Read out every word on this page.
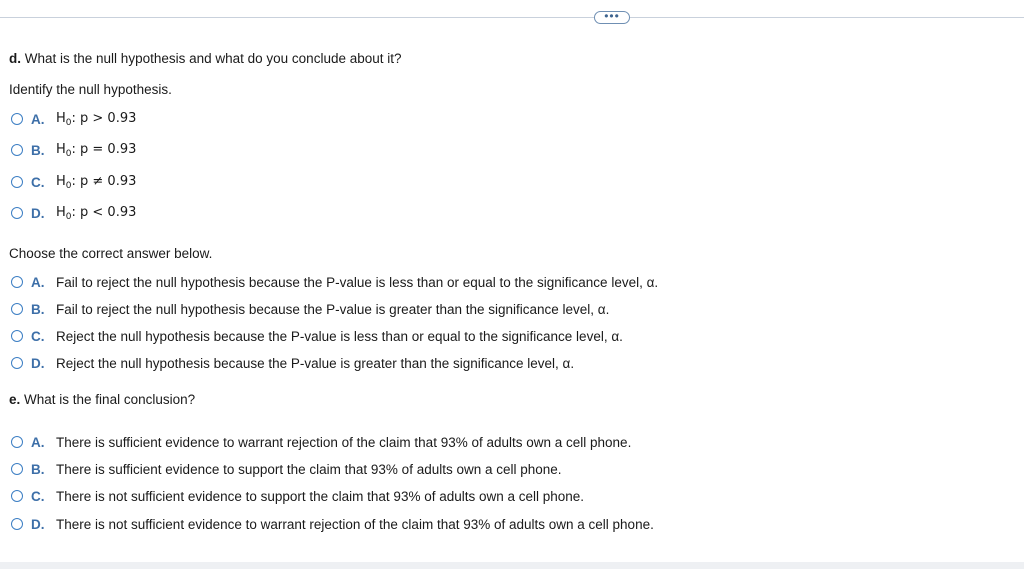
•••
d. What is the null hypothesis and what do you conclude about it?
Identify the null hypothesis.
A. $H_0$: p > 0.93
B. $H_0$: p = 0.93
C. $H_0$: p ≠ 0.93
D. $H_0$: p < 0.93
Choose the correct answer below.
A. Fail to reject the null hypothesis because the P-value is less than or equal to the significance level, α.
B. Fail to reject the null hypothesis because the P-value is greater than the significance level, α.
C. Reject the null hypothesis because the P-value is less than or equal to the significance level, α.
D. Reject the null hypothesis because the P-value is greater than the significance level, α.
e. What is the final conclusion?
A. There is sufficient evidence to warrant rejection of the claim that 93% of adults own a cell phone.
B. There is sufficient evidence to support the claim that 93% of adults own a cell phone.
C. There is not sufficient evidence to support the claim that 93% of adults own a cell phone.
D. There is not sufficient evidence to warrant rejection of the claim that 93% of adults own a cell phone.
